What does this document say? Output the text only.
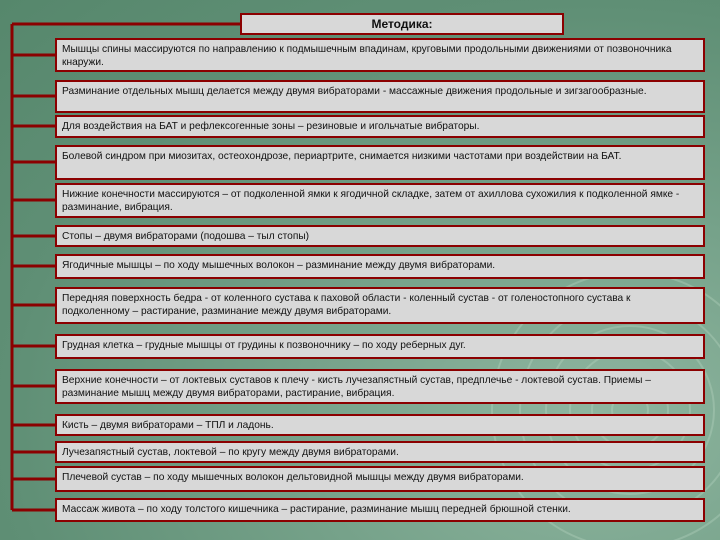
Методика:
Мышцы спины массируются по направлению к подмышечным впадинам, круговыми продольными движениями от позвоночника кнаружи.
Разминание отдельных мышц делается между двумя вибраторами - массажные движения продольные и зигзагообразные.
Для воздействия на БАТ и рефлексогенные зоны – резиновые и игольчатые вибраторы.
Болевой синдром при миозитах, остеохондрозе, периартрите, снимается низкими частотами при воздействии на БАТ.
Нижние конечности массируются – от подколенной ямки к ягодичной складке, затем от ахиллова сухожилия к подколенной ямке - разминание, вибрация.
Стопы – двумя вибраторами (подошва – тыл стопы)
Ягодичные мышцы – по ходу мышечных волокон – разминание между двумя вибраторами.
Передняя поверхность бедра - от коленного сустава к паховой области - коленный сустав - от голеностопного сустава к подколенному – растирание, разминание между двумя вибраторами.
Грудная клетка – грудные мышцы от грудины к позвоночнику – по ходу реберных дуг.
Верхние конечности – от локтевых суставов к плечу - кисть лучезапястный сустав, предплечье - локтевой сустав. Приемы – разминание мышц между двумя вибраторами, растирание, вибрация.
Кисть – двумя вибраторами – ТПЛ и ладонь.
Лучезапястный сустав, локтевой – по кругу между двумя вибраторами.
Плечевой сустав – по ходу мышечных волокон дельтовидной мышцы между двумя вибраторами.
Массаж живота – по ходу толстого кишечника – растирание, разминание мышц передней брюшной стенки.
